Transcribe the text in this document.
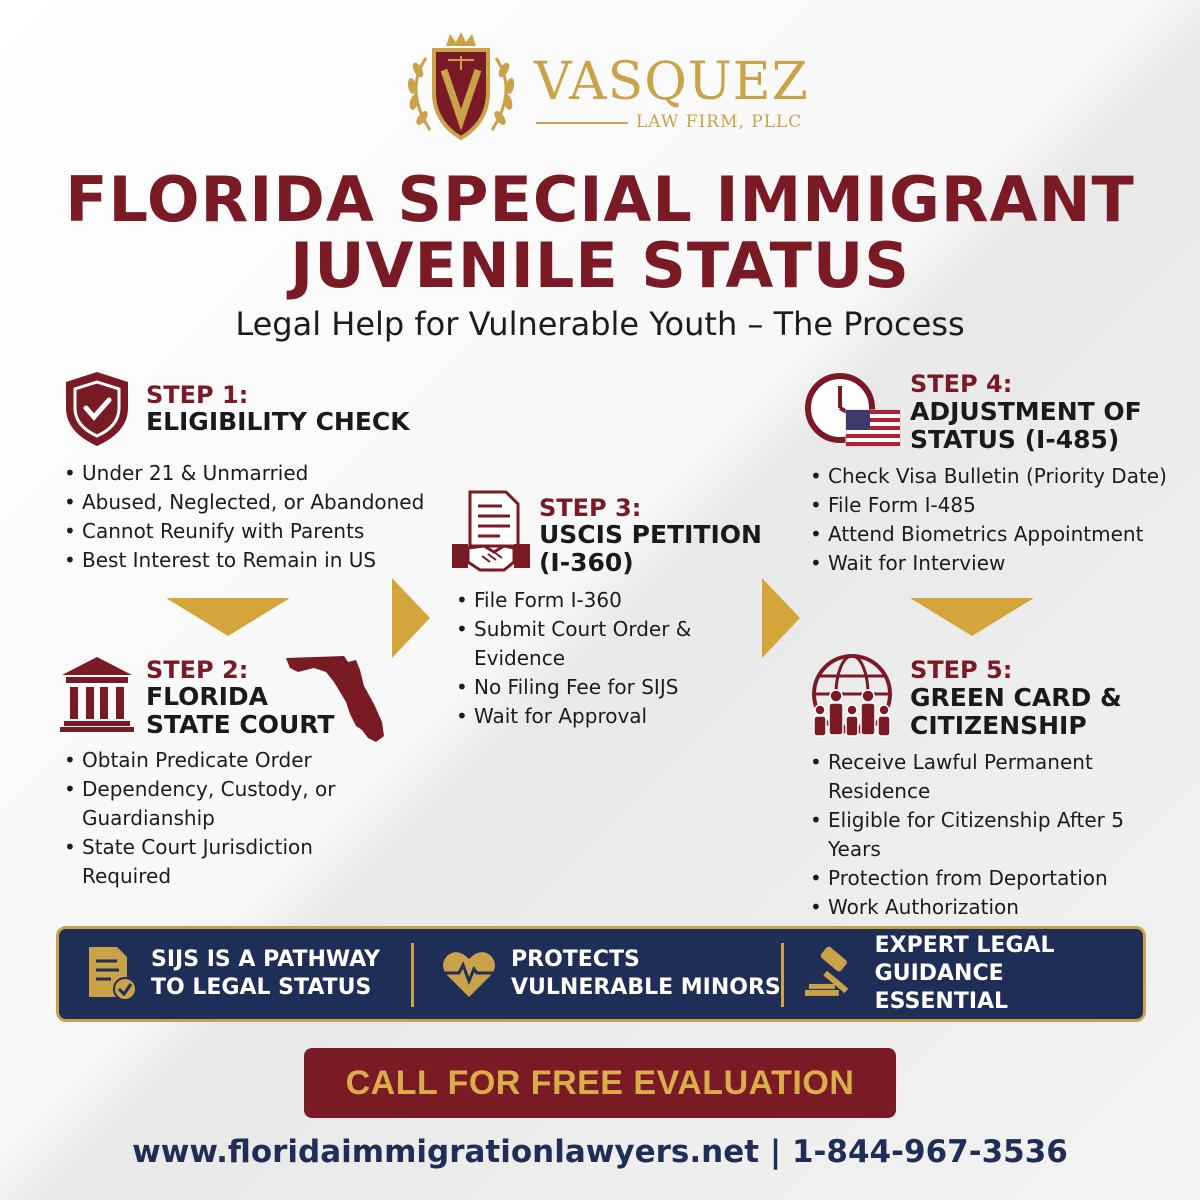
VASQUEZ
LAW FIRM, PLLC
FLORIDA SPECIAL IMMIGRANT
JUVENILE STATUS
Legal Help for Vulnerable Youth – The Process
STEP 1:
ELIGIBILITY CHECK
• Under 21 & Unmarried
• Abused, Neglected, or Abandoned
• Cannot Reunify with Parents
• Best Interest to Remain in US
STEP 2:
FLORIDA
STATE COURT
• Obtain Predicate Order
• Dependency, Custody, or Guardianship
• State Court Jurisdiction Required
STEP 3:
USCIS PETITION
(I-360)
• File Form I-360
• Submit Court Order & Evidence
• No Filing Fee for SIJS
• Wait for Approval
STEP 4:
ADJUSTMENT OF
STATUS (I-485)
• Check Visa Bulletin (Priority Date)
• File Form I-485
• Attend Biometrics Appointment
• Wait for Interview
STEP 5:
GREEN CARD &
CITIZENSHIP
• Receive Lawful Permanent Residence
• Eligible for Citizenship After 5 Years
• Protection from Deportation
• Work Authorization
SIJS IS A PATHWAY
TO LEGAL STATUS
PROTECTS
VULNERABLE MINORS
EXPERT LEGAL
GUIDANCE ESSENTIAL
CALL FOR FREE EVALUATION
www.floridaimmigrationlawyers.net | 1-844-967-3536
